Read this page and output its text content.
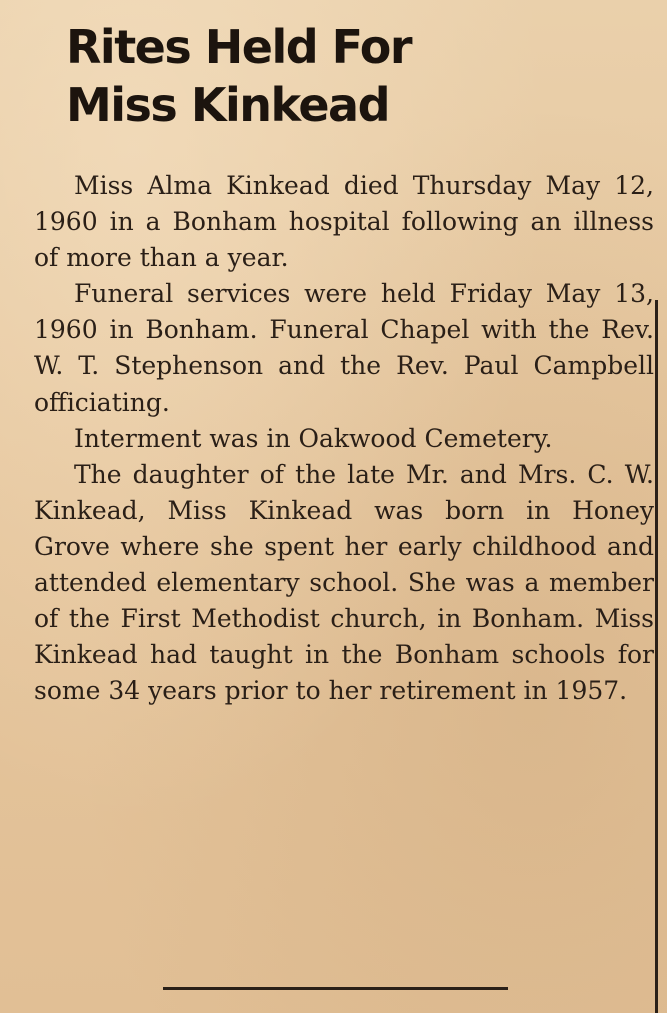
Rites Held For
Miss Kinkead

Miss Alma Kinkead died Thursday May 12, 1960 in a Bonham hospital following an illness of more than a year.

Funeral services were held Friday May 13, 1960 in Bonham. Funeral Chapel with the Rev. W. T. Stephenson and the Rev. Paul Campbell officiating.

Interment was in Oakwood Cemetery.

The daughter of the late Mr. and Mrs. C. W. Kinkead, Miss Kinkead was born in Honey Grove where she spent her early childhood and attended elementary school. She was a member of the First Methodist church, in Bonham. Miss Kinkead had taught in the Bonham schools for some 34 years prior to her retirement in 1957.
